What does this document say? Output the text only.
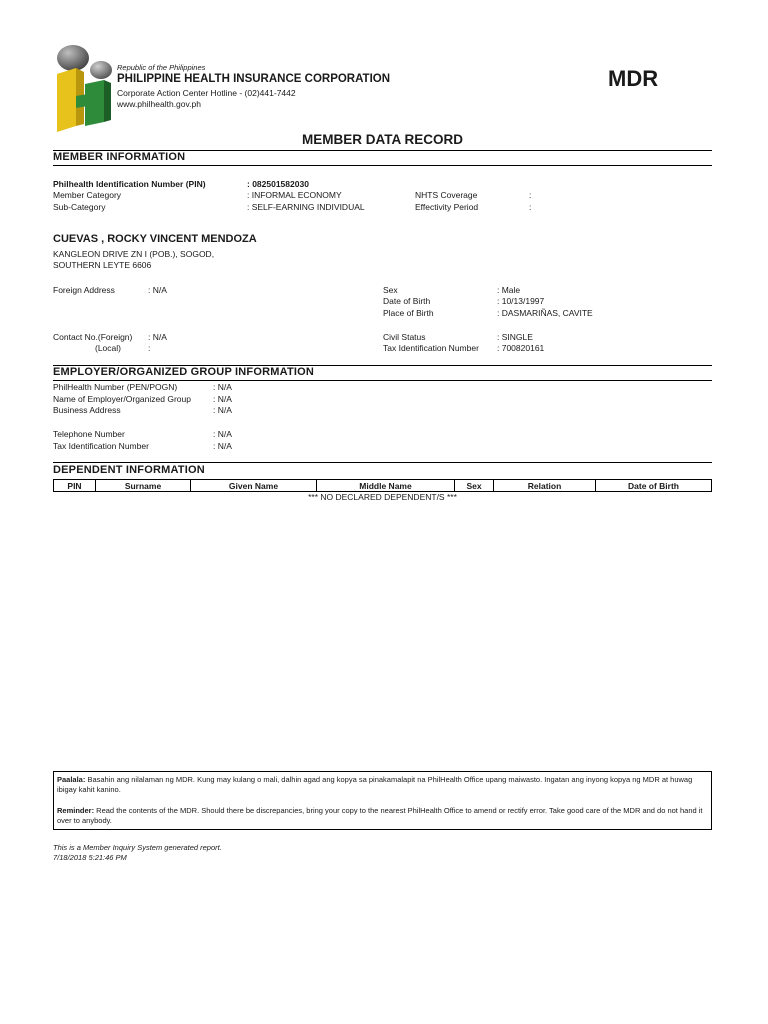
Republic of the Philippines
PHILIPPINE HEALTH INSURANCE CORPORATION
Corporate Action Center Hotline - (02)441-7442
www.philhealth.gov.ph
MDR
MEMBER DATA RECORD
MEMBER INFORMATION
Philhealth Identification Number (PIN)	: 082501582030
Member Category	: INFORMAL ECONOMY
Sub-Category	: SELF-EARNING INDIVIDUAL
NHTS Coverage	:
Effectivity Period	:
CUEVAS , ROCKY VINCENT MENDOZA
KANGLEON DRIVE ZN I (POB.), SOGOD,
SOUTHERN LEYTE 6606
Foreign Address	: N/A	Sex	: Male
Date of Birth	: 10/13/1997
Place of Birth	: DASMARIÑAS, CAVITE
Contact No.(Foreign) : N/A
(Local)	:
Civil Status	: SINGLE
Tax Identification Number : 700820161
EMPLOYER/ORGANIZED GROUP INFORMATION
PhilHealth Number (PEN/POGN)	: N/A
Name of Employer/Organized Group	: N/A
Business Address	: N/A
Telephone Number	: N/A
Tax Identification Number	: N/A
DEPENDENT INFORMATION
PIN	Surname	Given Name	Middle Name	Sex	Relation	Date of Birth
*** NO DECLARED DEPENDENT/S ***
Paalala: Basahin ang nilalaman ng MDR. Kung may kulang o mali, dalhin agad ang kopya sa pinakamalapit na PhilHealth Office upang maiwasto. Ingatan ang inyong kopya ng MDR at huwag ibigay kahit kanino.
Reminder: Read the contents of the MDR. Should there be discrepancies, bring your copy to the nearest PhilHealth Office to amend or rectify error. Take good care of the MDR and do not hand it over to anybody.
This is a Member Inquiry System generated report.
7/18/2018 5:21:46 PM
